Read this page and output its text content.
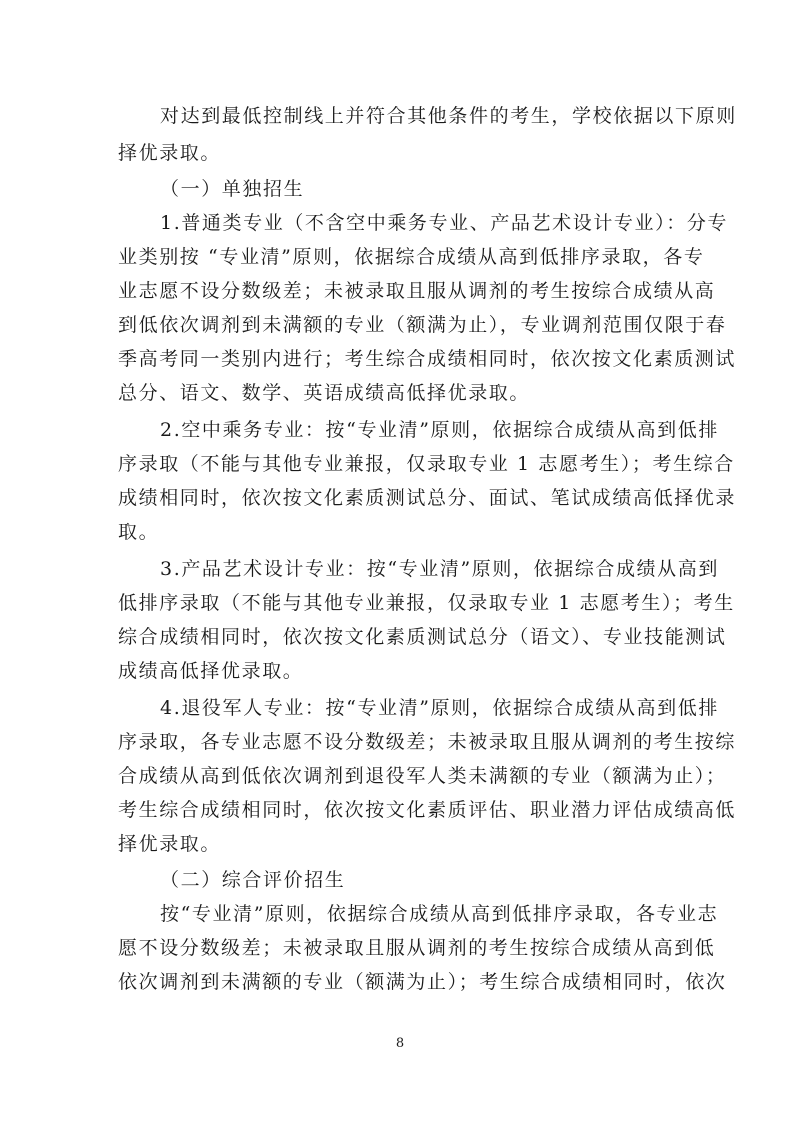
对达到最低控制线上并符合其他条件的考生，学校依据以下原则
择优录取。
（一）单独招生
1.普通类专业（不含空中乘务专业、产品艺术设计专业）：分专
业类别按 “专业清”原则，依据综合成绩从高到低排序录取，各专
业志愿不设分数级差；未被录取且服从调剂的考生按综合成绩从高
到低依次调剂到未满额的专业（额满为止），专业调剂范围仅限于春
季高考同一类别内进行；考生综合成绩相同时，依次按文化素质测试
总分、语文、数学、英语成绩高低择优录取。
2.空中乘务专业：按“专业清”原则，依据综合成绩从高到低排
序录取（不能与其他专业兼报，仅录取专业 1 志愿考生）；考生综合
成绩相同时，依次按文化素质测试总分、面试、笔试成绩高低择优录
取。
3.产品艺术设计专业：按“专业清”原则，依据综合成绩从高到
低排序录取（不能与其他专业兼报，仅录取专业 1 志愿考生）；考生
综合成绩相同时，依次按文化素质测试总分（语文）、专业技能测试
成绩高低择优录取。
4.退役军人专业：按“专业清”原则，依据综合成绩从高到低排
序录取，各专业志愿不设分数级差；未被录取且服从调剂的考生按综
合成绩从高到低依次调剂到退役军人类未满额的专业（额满为止）；
考生综合成绩相同时，依次按文化素质评估、职业潜力评估成绩高低
择优录取。
（二）综合评价招生
按“专业清”原则，依据综合成绩从高到低排序录取，各专业志
愿不设分数级差；未被录取且服从调剂的考生按综合成绩从高到低
依次调剂到未满额的专业（额满为止）；考生综合成绩相同时，依次
8
